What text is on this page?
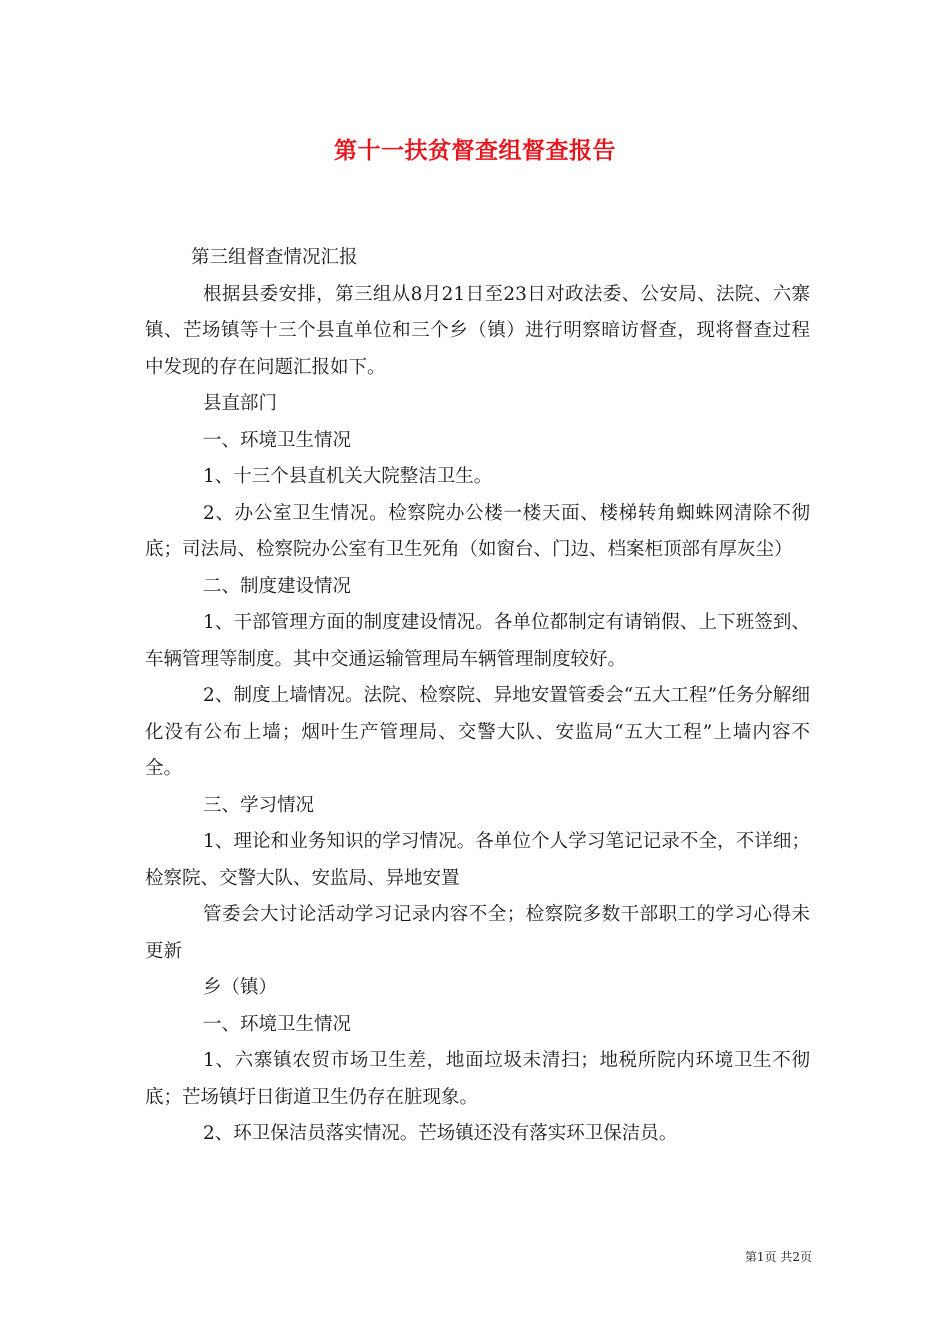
第十一扶贫督查组督查报告

第三组督查情况汇报

根据县委安排，第三组从8月21日至23日对政法委、公安局、法院、六寨镇、芒场镇等十三个县直单位和三个乡（镇）进行明察暗访督查，现将督查过程中发现的存在问题汇报如下。

县直部门

一、环境卫生情况

1、十三个县直机关大院整洁卫生。

2、办公室卫生情况。检察院办公楼一楼天面、楼梯转角蜘蛛网清除不彻底；司法局、检察院办公室有卫生死角（如窗台、门边、档案柜顶部有厚灰尘）

二、制度建设情况

1、干部管理方面的制度建设情况。各单位都制定有请销假、上下班签到、车辆管理等制度。其中交通运输管理局车辆管理制度较好。

2、制度上墙情况。法院、检察院、异地安置管委会“五大工程”任务分解细化没有公布上墙；烟叶生产管理局、交警大队、安监局“五大工程”上墙内容不全。

三、学习情况

1、理论和业务知识的学习情况。各单位个人学习笔记记录不全，不详细；检察院、交警大队、安监局、异地安置

管委会大讨论活动学习记录内容不全；检察院多数干部职工的学习心得未更新

乡（镇）

一、环境卫生情况

1、六寨镇农贸市场卫生差，地面垃圾未清扫；地税所院内环境卫生不彻底；芒场镇圩日街道卫生仍存在脏现象。

2、环卫保洁员落实情况。芒场镇还没有落实环卫保洁员。

第1页 共2页
